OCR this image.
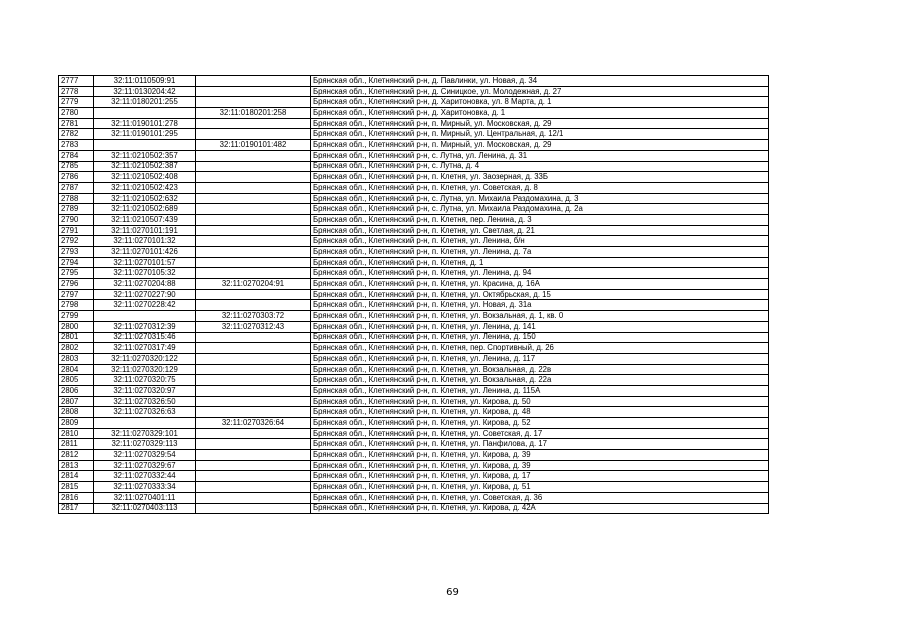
2777	32:11:0110509:91		Брянская обл., Клетнянский р-н, д. Павлинки, ул. Новая, д. 34
2778	32:11:0130204:42		Брянская обл., Клетнянский р-н, д. Синицкое, ул. Молодежная, д. 27
2779	32:11:0180201:255		Брянская обл., Клетнянский р-н, д. Харитоновка, ул. 8 Марта, д. 1
2780		32:11:0180201:258	Брянская обл., Клетнянский р-н, д. Харитоновка, д. 1
2781	32:11:0190101:278		Брянская обл., Клетнянский р-н, п. Мирный, ул. Московская, д. 29
2782	32:11:0190101:295		Брянская обл., Клетнянский р-н, п. Мирный, ул. Центральная, д. 12/1
2783		32:11:0190101:482	Брянская обл., Клетнянский р-н, п. Мирный, ул. Московская, д. 29
2784	32:11:0210502:357		Брянская обл., Клетнянский р-н, с. Лутна, ул. Ленина, д. 31
2785	32:11:0210502:387		Брянская обл., Клетнянский р-н, с. Лутна, д. 4
2786	32:11:0210502:408		Брянская обл., Клетнянский р-н, п. Клетня, ул. Заозерная, д. 33Б
2787	32:11:0210502:423		Брянская обл., Клетнянский р-н, п. Клетня, ул. Советская, д. 8
2788	32:11:0210502:632		Брянская обл., Клетнянский р-н, с. Лутна, ул. Михаила Раздомахина, д. 3
2789	32:11:0210502:689		Брянская обл., Клетнянский р-н, с. Лутна, ул. Михаила Раздомахина, д. 2а
2790	32:11:0210507:439		Брянская обл., Клетнянский р-н, п. Клетня, пер. Ленина, д. 3
2791	32:11:0270101:191		Брянская обл., Клетнянский р-н, п. Клетня, ул. Светлая, д. 21
2792	32:11:0270101:32		Брянская обл., Клетнянский р-н, п. Клетня, ул. Ленина, б/н
2793	32:11:0270101:426		Брянская обл., Клетнянский р-н, п. Клетня, ул. Ленина, д. 7а
2794	32:11:0270101:57		Брянская обл., Клетнянский р-н, п. Клетня, д. 1
2795	32:11:0270105:32		Брянская обл., Клетнянский р-н, п. Клетня, ул. Ленина, д. 94
2796	32:11:0270204:88	32:11:0270204:91	Брянская обл., Клетнянский р-н, п. Клетня, ул. Красина, д. 16А
2797	32:11:0270227:90		Брянская обл., Клетнянский р-н, п. Клетня, ул. Октябрьская, д. 15
2798	32:11:0270228:42		Брянская обл., Клетнянский р-н, п. Клетня, ул. Новая, д. 31а
2799		32:11:0270303:72	Брянская обл., Клетнянский р-н, п. Клетня, ул. Вокзальная, д. 1, кв. 0
2800	32:11:0270312:39	32:11:0270312:43	Брянская обл., Клетнянский р-н, п. Клетня, ул. Ленина, д. 141
2801	32:11:0270315:46		Брянская обл., Клетнянский р-н, п. Клетня, ул. Ленина, д. 150
2802	32:11:0270317:49		Брянская обл., Клетнянский р-н, п. Клетня, пер. Спортивный, д. 26
2803	32:11:0270320:122		Брянская обл., Клетнянский р-н, п. Клетня, ул. Ленина, д. 117
2804	32:11:0270320:129		Брянская обл., Клетнянский р-н, п. Клетня, ул. Вокзальная, д. 22в
2805	32:11:0270320:75		Брянская обл., Клетнянский р-н, п. Клетня, ул. Вокзальная, д. 22а
2806	32:11:0270320:97		Брянская обл., Клетнянский р-н, п. Клетня, ул. Ленина, д. 115А
2807	32:11:0270326:50		Брянская обл., Клетнянский р-н, п. Клетня, ул. Кирова, д. 50
2808	32:11:0270326:63		Брянская обл., Клетнянский р-н, п. Клетня, ул. Кирова, д. 48
2809		32:11:0270326:64	Брянская обл., Клетнянский р-н, п. Клетня, ул. Кирова, д. 52
2810	32:11:0270329:101		Брянская обл., Клетнянский р-н, п. Клетня, ул. Советская, д. 17
2811	32:11:0270329:113		Брянская обл., Клетнянский р-н, п. Клетня, ул. Панфилова, д. 17
2812	32:11:0270329:54		Брянская обл., Клетнянский р-н, п. Клетня, ул. Кирова, д. 39
2813	32:11:0270329:67		Брянская обл., Клетнянский р-н, п. Клетня, ул. Кирова, д. 39
2814	32:11:0270332:44		Брянская обл., Клетнянский р-н, п. Клетня, ул. Кирова, д. 17
2815	32:11:0270333:34		Брянская обл., Клетнянский р-н, п. Клетня, ул. Кирова, д. 51
2816	32:11:0270401:11		Брянская обл., Клетнянский р-н, п. Клетня, ул. Советская, д. 36
2817	32:11:0270403:113		Брянская обл., Клетнянский р-н, п. Клетня, ул. Кирова, д. 42А
69
